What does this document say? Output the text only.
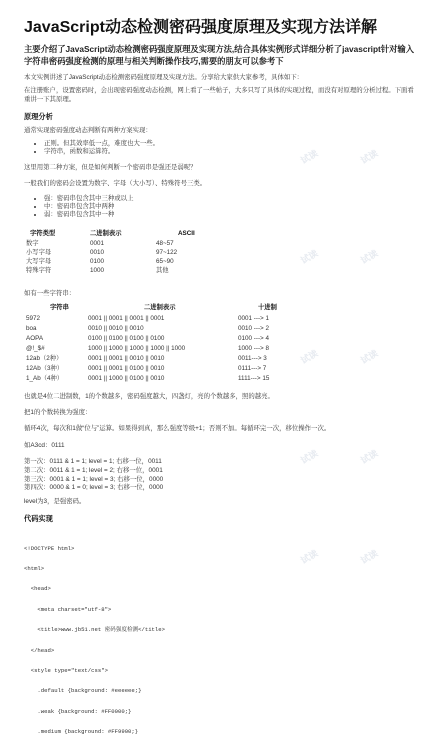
JavaScript动态检测密码强度原理及实现方法详解
主要介绍了JavaScript动态检测密码强度原理及实现方法,结合具体实例形式详细分析了javascript针对输入字符串密码强度检测的原理与相关判断操作技巧,需要的朋友可以参考下
本文实例讲述了JavaScript动态检测密码强度原理及实现方法。分享给大家供大家参考，具体如下：
在注册账户，设置密码时，会出现密码强度动态检测，网上看了一些帖子，大多只写了具体的实现过程，而没有对原理的分析过程。下面看重讲一下其原理。
原理分析
通常实现密码强度动态判断有两种方案实现：
• 正则。但其效率低一点，难度也大一些。
• 字符串，函数和运算符。
这里用第二种方案，但是如何判断一个密码串是强还是弱呢？
一般我们的密码会设置为数字、字母（大小写）、特殊符号三类。
• 强：密码串包含其中三种或以上
• 中：密码串包含其中两种
• 弱：密码串包含其中一种
字符类型	二进制表示	ASCII
数字	0001	48~57
小写字母	0010	97~122
大写字母	0100	65~90
特殊字符	1000	其他
如有一些字符串：
字符串	二进制表示	十进制
5972	0001 || 0001 || 0001 || 0001	0001 ---> 1
boa	0010 || 0010 || 0010	0010 ---> 2
AOPA	0100 || 0100 || 0100 || 0100	0100 ---> 4
@!_$#	1000 || 1000 || 1000 || 1000 || 1000	1000 ---> 8
12ab（2种）	0001 || 0001 || 0010 || 0010	0011---> 3
12Ab（3种）	0001 || 0001 || 0100 || 0010	0111---> 7
1_Ab（4种）	0001 || 1000 || 0100 || 0010	1111---> 15
也就是4位二进制数，1的个数越多，密码强度越大，四盏灯，亮的个数越多，照的越亮。
把1的个数转换为强度：
循环4次，每次和1做“位与”运算。如果得到真，那么强度等级+1；否则不加。每循环完一次，移位操作一次。
如A3cd：0111
第一次：0111 & 1 = 1; level = 1; 右移一位，0011
第二次：0011 & 1 = 1; level = 2; 右移一位，0001
第三次：0001 & 1 = 1; level = 3; 右移一位，0000
第四次：0000 & 1 = 0; level = 3; 右移一位，0000
level为3，是强密码。
代码实现

<!DOCTYPE html>

<html>

<head>

<meta charset="utf-8">

<title>www.jb51.net 密码强度检测</title>

</head>

<style type="text/css">

.default {background: #eeeeee;}

.weak {background: #FF0000;}

.medium {background: #FF9900;}

试读	试读
试读	试读
试读	试读
试读	试读
试读	试读
